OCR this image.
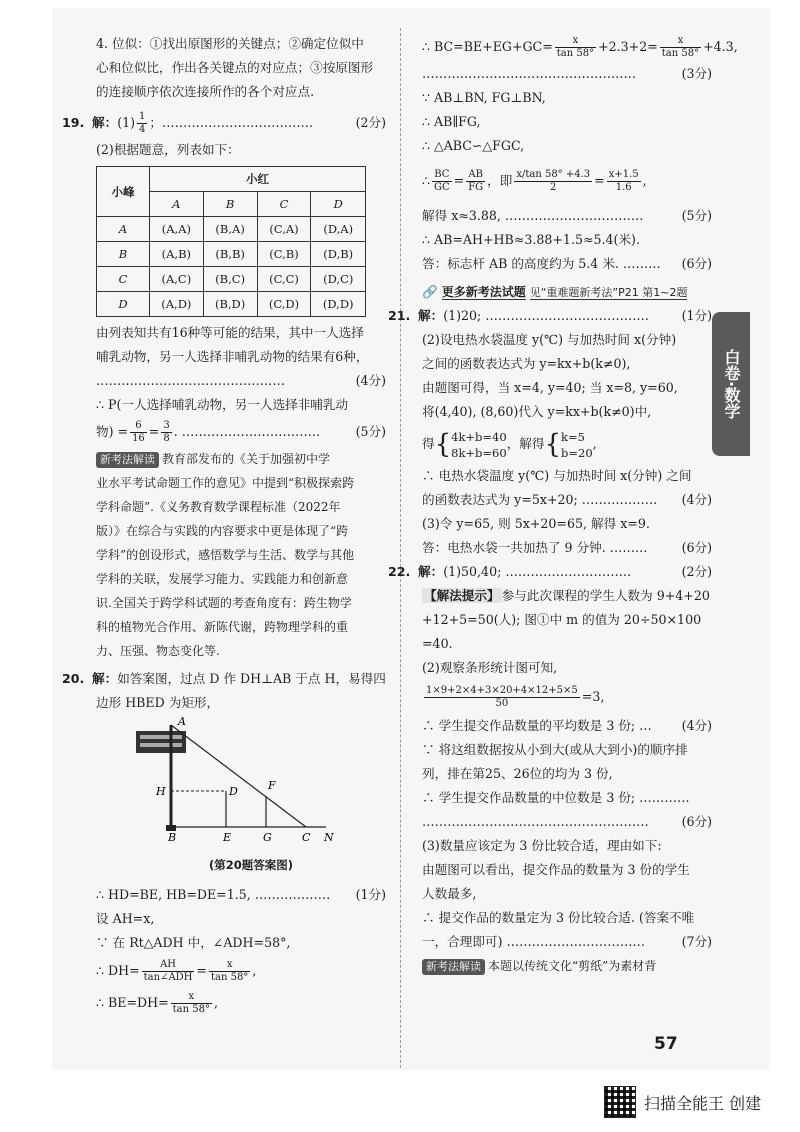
4. 位似：①找出原图形的关键点；②确定位似中
心和位似比，作出各关键点的对应点；③按原图形
的连接顺序依次连接所作的各个对应点.
19. 解：$(1) \frac{1}{4}$ ；………………………………	(2分)
(2)根据题意，列表如下：
小峰	小红			
	A	B	C	D
A	(A,A)	(B,A)	(C,A)	(D,A)
B	(A,B)	(B,B)	(C,B)	(D,B)
C	(A,C)	(B,C)	(C,C)	(D,C)
D	(A,D)	(B,D)	(C,D)	(D,D)
由列表知共有16种等可能的结果，其中一人选择
哺乳动物，另一人选择非哺乳动物的结果有6种，
………………………………………	(4分)
∴ P(一人选择哺乳动物，另一人选择非哺乳动
物) = $\frac{6}{16} = \frac{3}{8}$ . ……………………………	(5分)
新考法解读 教育部发布的《关于加强初中学
业水平考试命题工作的意见》中提到“积极探索跨
学科命题”.《义务教育数学课程标准（2022年
版）》在综合与实践的内容要求中更是体现了“跨
学科”的创设形式，感悟数学与生活、数学与其他
学科的关联，发展学习能力、实践能力和创新意
识.全国关于跨学科试题的考查角度有：跨生物学
科的植物光合作用、新陈代谢，跨物理学科的重
力、压强、物态变化等.
20. 解：如答案图，过点 D 作 DH⊥AB 于点 H，易得四
边形 HBED 为矩形，
A
H	D	F
B	E	G	C N
(第20题答案图)
∴ HD=BE, HB=DE=1.5, ……………… (1分)
设 AH=x,
∵ 在 Rt△ADH 中，∠ADH=58°,
∴ $DH= \frac{AH}{\text{tan∠ADH}} = \frac{x}{\tan 58^\circ}$ ,
∴ $BE=DH= \frac{x}{\tan 58^\circ}$ ,
∴ $BC=BE+EG+GC= \frac{x}{\tan 58^\circ} +2.3+2= \frac{x}{\tan 58^\circ} +4.3$,
……………………………………………	(3分)
∵ AB⊥BN, FG⊥BN,
∴ AB∥FG,
∴ △ABC∽△FGC,
∴ $\frac{BC}{GC} = \frac{AB}{FG}$ ，即 $\frac{x/\tan 58^\circ +4.3}{2} = \frac{x+1.5}{1.6}$ ,
解得 x≈3.88, ……………………………	(5分)
∴ AB=AH+HB≈3.88+1.5≈5.4(米).
答：标志杆 AB 的高度约为 5.4 米. ……… (6分)
🔗 更多新考法试题 见“重难题新考法”P21 第1~2题
21. 解：(1)20; …………………………………	(1分)
(2)设电热水袋温度 y(℃) 与加热时间 x(分钟)
之间的函数表达式为 y=kx+b(k≠0),
由题图可得，当 x=4, y=40; 当 x=8, y=60,
将(4,40), (8,60)代入 y=kx+b(k≠0)中,
得{ 4k+b=40
8k+b=60
，解得{ k=5
b=20
,
∴ 电热水袋温度 y(℃) 与加热时间 x(分钟) 之间
的函数表达式为 y=5x+20; ……………… (4分)
(3)令 y=65, 则 5x+20=65, 解得 x=9.
答：电热水袋一共加热了 9 分钟. ………	(6分)
22. 解：(1)50,40; …………………………	(2分)
【解法提示】 参与此次课程的学生人数为 9+4+20
+12+5=50(人); 图①中 m 的值为 20÷50×100
=40.
(2)观察条形统计图可知,
$\frac{1\times 9+2\times 4+3\times 20+4\times 12+5\times 5}{50} =3$,
∴ 学生提交作品数量的平均数是 3 份; … (4分)
∵ 将这组数据按从小到大(或从大到小)的顺序排
列，排在第25、26位的均为 3 份,
∴ 学生提交作品数量的中位数是 3 份; …………
………………………………………………	(6分)
(3)数量应该定为 3 份比较合适，理由如下:
由题图可以看出，提交作品的数量为 3 份的学生
人数最多,
∴ 提交作品的数量定为 3 份比较合适. (答案不唯
一，合理即可) ……………………………	(7分)
新考法解读 本题以传统文化“剪纸”为素材背
白卷·数学
57
扫描全能王 创建
